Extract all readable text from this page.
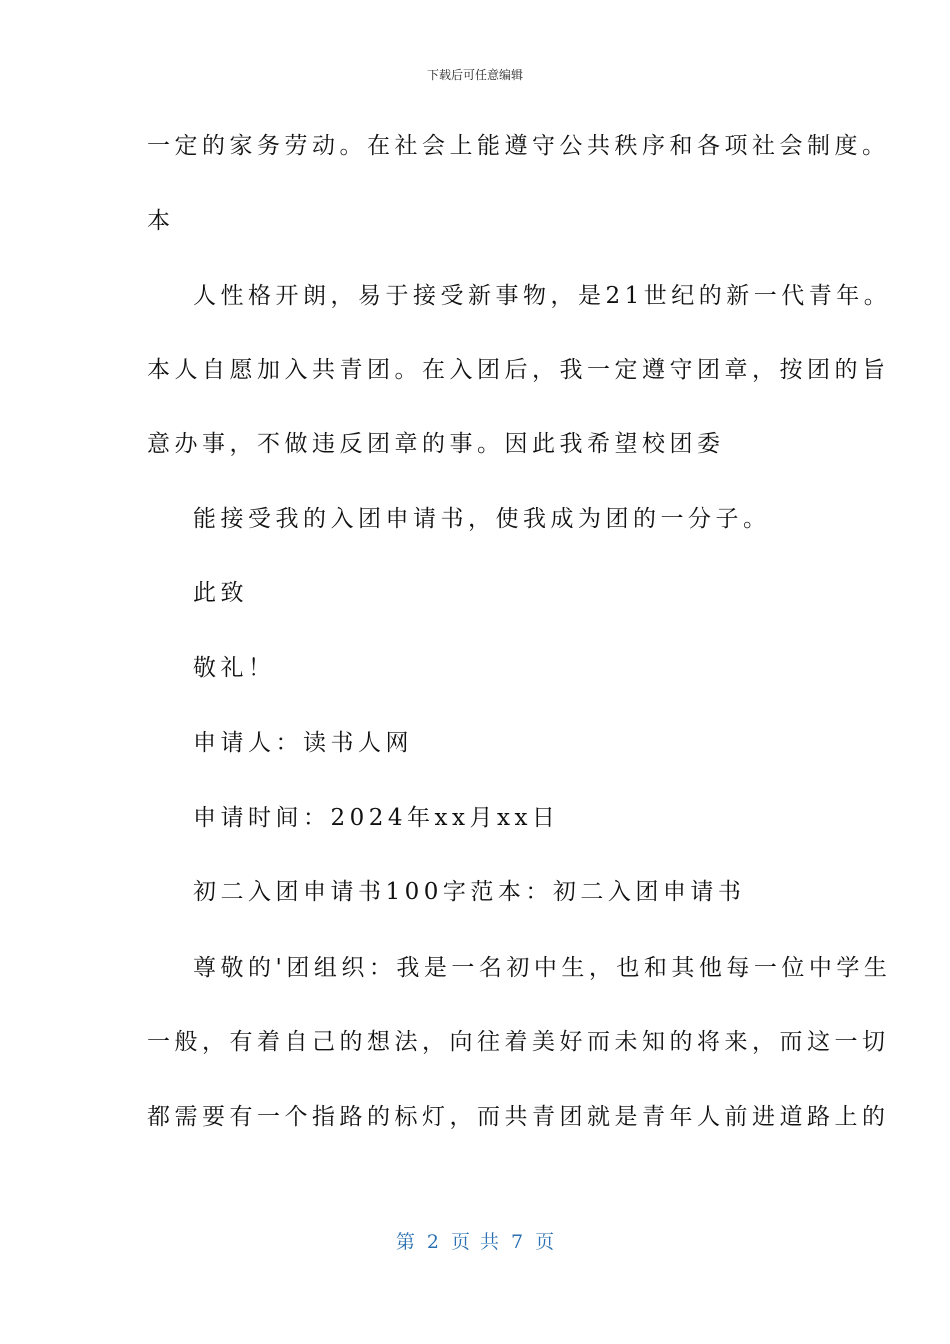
下载后可任意编辑
一定的家务劳动。在社会上能遵守公共秩序和各项社会制度。
本
人性格开朗，易于接受新事物，是21世纪的新一代青年。
本人自愿加入共青团。在入团后，我一定遵守团章，按团的旨
意办事，不做违反团章的事。因此我希望校团委
能接受我的入团申请书，使我成为团的一分子。
此致
敬礼！
申请人：读书人网
申请时间：2024年xx月xx日
初二入团申请书100字范本：初二入团申请书
尊敬的'团组织：我是一名初中生，也和其他每一位中学生
一般，有着自己的想法，向往着美好而未知的将来，而这一切
都需要有一个指路的标灯，而共青团就是青年人前进道路上的
第 2 页 共 7 页
